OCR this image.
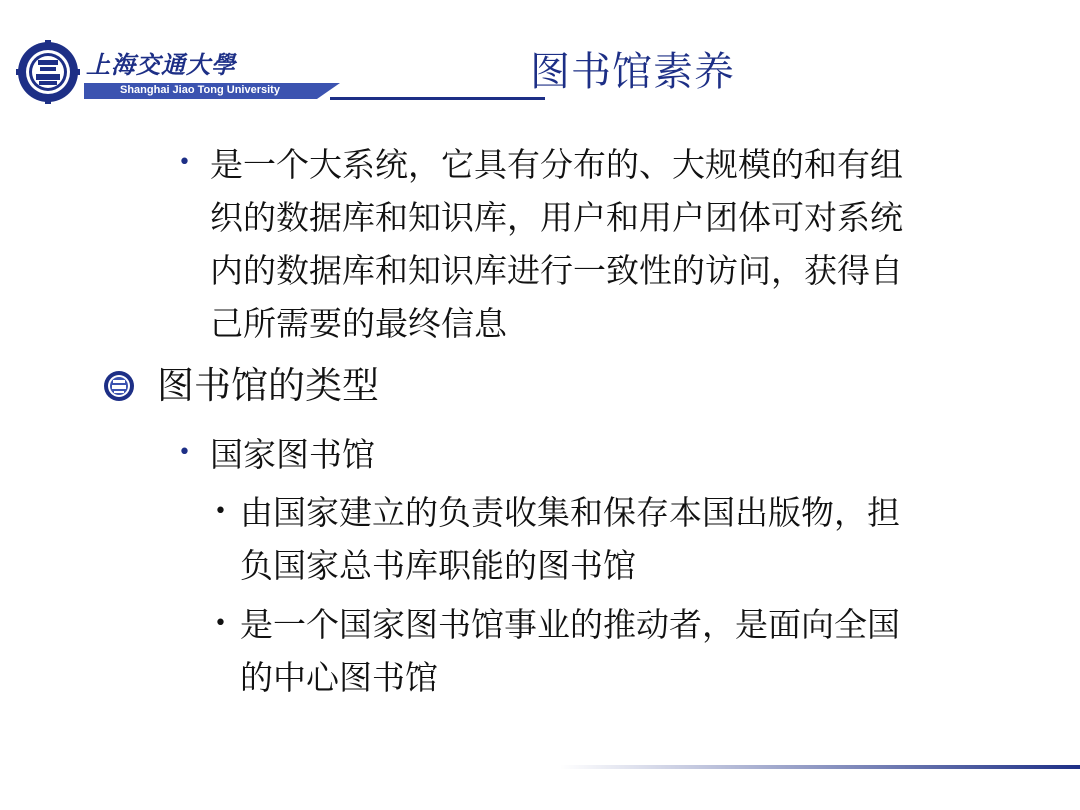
上海交通大學
Shanghai Jiao Tong University	图书馆素养
• 是一个大系统，它具有分布的、大规模的和有组
织的数据库和知识库，用户和用户团体可对系统
内的数据库和知识库进行一致性的访问，获得自
己所需要的最终信息
图书馆的类型
• 国家图书馆
• 由国家建立的负责收集和保存本国出版物，担
负国家总书库职能的图书馆
• 是一个国家图书馆事业的推动者，是面向全国
的中心图书馆
